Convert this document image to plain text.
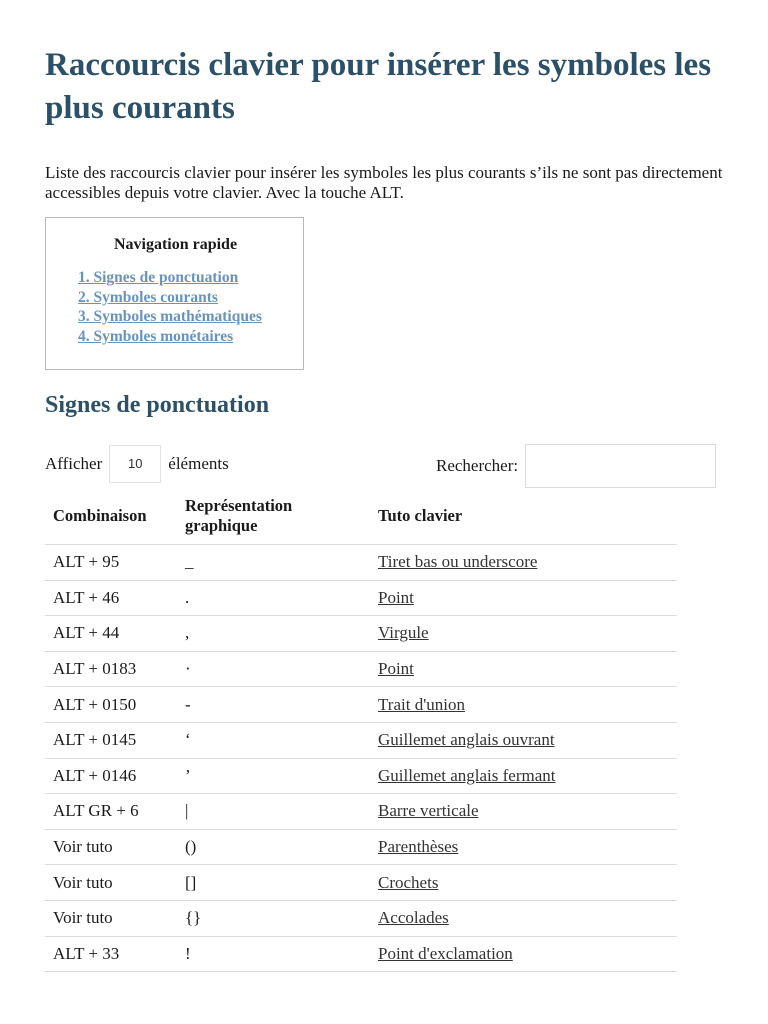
Raccourcis clavier pour insérer les symboles les plus courants

Liste des raccourcis clavier pour insérer les symboles les plus courants s’ils ne sont pas directement accessibles depuis votre clavier. Avec la touche ALT.

Navigation rapide
1. Signes de ponctuation
2. Symboles courants
3. Symboles mathématiques
4. Symboles monétaires
Signes de ponctuation
Afficher	10	éléments	Rechercher:
Combinaison	Représentation graphique	Tuto clavier
ALT + 95	_	Tiret bas ou underscore
ALT + 46	.	Point
ALT + 44	,	Virgule
ALT + 0183	·	Point
ALT + 0150	-	Trait d'union
ALT + 0145	‘	Guillemet anglais ouvrant
ALT + 0146	’	Guillemet anglais fermant
ALT GR + 6	|	Barre verticale
Voir tuto	()	Parenthèses
Voir tuto	[]	Crochets
Voir tuto	{}	Accolades
ALT + 33	!	Point d'exclamation
